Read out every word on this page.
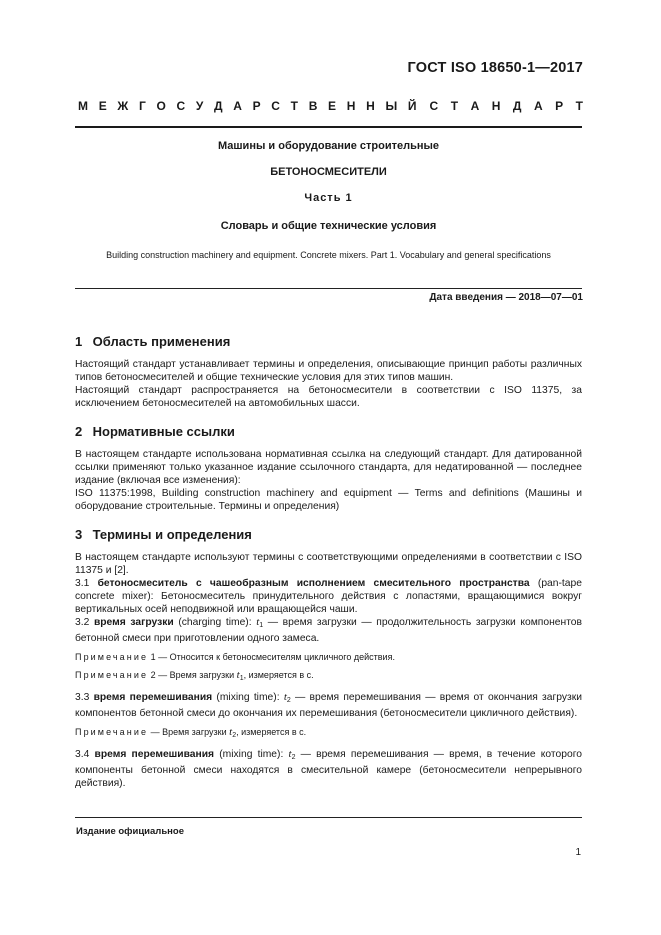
ГОСТ ISO 18650-1—2017
М Е Ж Г О С У Д А Р С Т В Е Н Н Ы Й С Т А Н Д А Р Т
Машины и оборудование строительные
БЕТОНОСМЕСИТЕЛИ
Часть 1
Словарь и общие технические условия
Building construction machinery and equipment. Concrete mixers. Part 1. Vocabulary and general specifications
Дата введения — 2018—07—01
1 Область применения

Настоящий стандарт устанавливает термины и определения, описывающие принцип работы различных типов бетоносмесителей и общие технические условия для этих типов машин.

Настоящий стандарт распространяется на бетоносмесители в соответствии с ISO 11375, за исключением бетоносмесителей на автомобильных шасси.

2 Нормативные ссылки

В настоящем стандарте использована нормативная ссылка на следующий стандарт. Для датированной ссылки применяют только указанное издание ссылочного стандарта, для недатированной — последнее издание (включая все изменения):

ISO 11375:1998, Building construction machinery and equipment — Terms and definitions (Машины и оборудование строительные. Термины и определения)

3 Термины и определения

В настоящем стандарте используют термины с соответствующими определениями в соответствии с ISO 11375 и [2].

3.1 бетоносмеситель с чашеобразным исполнением смесительного пространства (pan-tape concrete mixer): Бетоносмеситель принудительного действия с лопастями, вращающимися вокруг вертикальных осей неподвижной или вращающейся чаши.

3.2 время загрузки (charging time): $t_1$ — время загрузки — продолжительность загрузки компонентов бетонной смеси при приготовлении одного замеса.

Примечание 1 — Относится к бетоносмесителям цикличного действия.

Примечание 2 — Время загрузки $t_1$, измеряется в с.

3.3 время перемешивания (mixing time): $t_2$ — время перемешивания — время от окончания загрузки компонентов бетонной смеси до окончания их перемешивания (бетоносмесители цикличного действия).

Примечание — Время загрузки $t_2$, измеряется в с.

3.4 время перемешивания (mixing time): $t_2$ — время перемешивания — время, в течение которого компоненты бетонной смеси находятся в смесительной камере (бетоносмесители непрерывного действия).

Издание официальное
1
